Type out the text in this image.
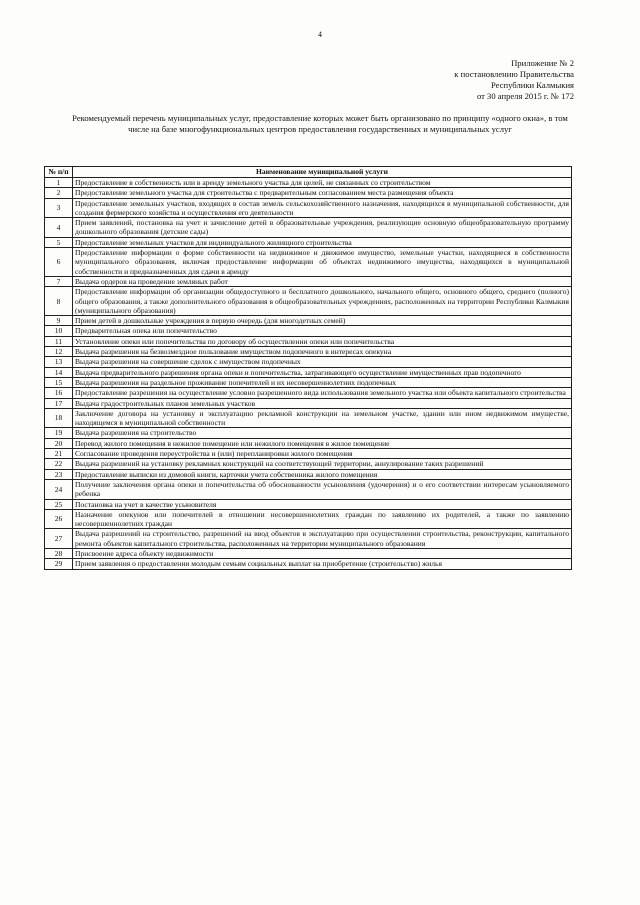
4
Приложение № 2
к постановлению Правительства
Республики Калмыкия
от 30 апреля 2015 г. № 172
Рекомендуемый перечень муниципальных услуг, предоставление которых может быть организовано по принципу «одного окна», в том числе на базе многофункциональных центров предоставления государственных и муниципальных услуг
№ п/п	Наименование муниципальной услуги
1	Предоставление в собственность или в аренду земельного участка для целей, не связанных со строительством
2	Предоставление земельного участка для строительства с предварительным согласованием места размещения объекта
3	Предоставление земельных участков, входящих в состав земель сельскохозяйственного назначения, находящихся в муниципальной собственности, для создания фермерского хозяйства и осуществления его деятельности
4	Прием заявлений, постановка на учет и зачисление детей в образовательные учреждения, реализующие основную общеобразовательную программу дошкольного образования (детские сады)
5	Предоставление земельных участков для индивидуального жилищного строительства
6	Предоставление информации о форме собственности на недвижимое и движимое имущество, земельные участки, находящиеся в собственности муниципального образования, включая предоставление информации об объектах недвижимого имущества, находящихся в муниципальной собственности и предназначенных для сдачи в аренду
7	Выдача ордеров на проведение земляных работ
8	Предоставление информации об организации общедоступного и бесплатного дошкольного, начального общего, основного общего, среднего (полного) общего образования, а также дополнительного образования в общеобразовательных учреждениях, расположенных на территории Республики Калмыкия (муниципального образования)
9	Прием детей в дошкольные учреждения в первую очередь (для многодетных семей)
10	Предварительная опека или попечительство
11	Установление опеки или попечительства по договору об осуществлении опеки или попечительства
12	Выдача разрешения на безвозмездное пользование имуществом подопечного в интересах опекуна
13	Выдача разрешения на совершение сделок с имуществом подопечных
14	Выдача предварительного разрешения органа опеки и попечительства, затрагивающего осуществление имущественных прав подопечного
15	Выдача разрешения на раздельное проживание попечителей и их несовершеннолетних подопечных
16	Предоставление разрешения на осуществление условно разрешенного вида использования земельного участка или объекта капитального строительства
17	Выдача градостроительных планов земельных участков
18	Заключение договора на установку и эксплуатацию рекламной конструкции на земельном участке, здании или ином недвижимом имуществе, находящемся в муниципальной собственности
19	Выдача разрешения на строительство
20	Перевод жилого помещения в нежилое помещение или нежилого помещения в жилое помещение
21	Согласование проведения переустройства и (или) перепланировки жилого помещения
22	Выдача разрешений на установку рекламных конструкций на соответствующей территории, аннулирование таких разрешений
23	Предоставление выписки из домовой книги, карточки учета собственника жилого помещения
24	Получение заключения органа опеки и попечительства об обоснованности усыновления (удочерения) и о его соответствии интересам усыновляемого ребенка
25	Постановка на учет в качестве усыновителя
26	Назначение опекунов или попечителей в отношении несовершеннолетних граждан по заявлению их родителей, а также по заявлению несовершеннолетних граждан
27	Выдача разрешений на строительство, разрешений на ввод объектов в эксплуатацию при осуществлении строительства, реконструкции, капитального ремонта объектов капитального строительства, расположенных на территории муниципального образования
28	Присвоение адреса объекту недвижимости
29	Прием заявления о предоставлении молодым семьям социальных выплат на приобретение (строительство) жилья
